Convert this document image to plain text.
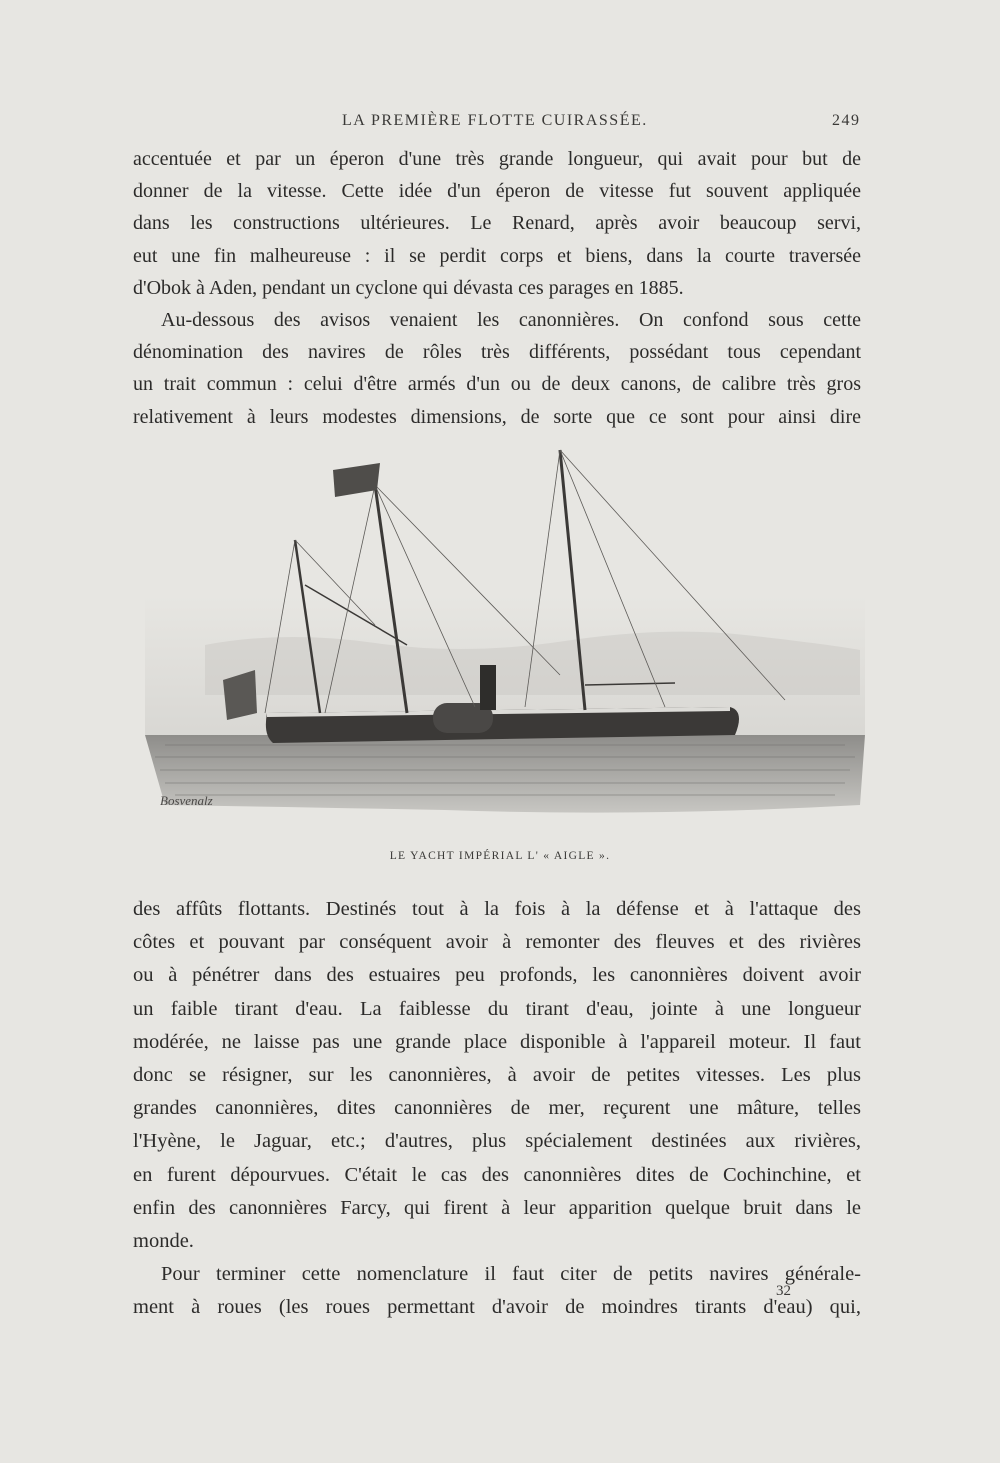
LA PREMIÈRE FLOTTE CUIRASSÉE.	249
accentuée et par un éperon d'une très grande longueur, qui avait pour but de
donner de la vitesse. Cette idée d'un éperon de vitesse fut souvent appliquée
dans les constructions ultérieures. Le Renard, après avoir beaucoup servi,
eut une fin malheureuse : il se perdit corps et biens, dans la courte traversée
d'Obok à Aden, pendant un cyclone qui dévasta ces parages en 1885.
Au-dessous des avisos venaient les canonnières. On confond sous cette
dénomination des navires de rôles très différents, possédant tous cependant
un trait commun : celui d'être armés d'un ou de deux canons, de calibre très gros
relativement à leurs modestes dimensions, de sorte que ce sont pour ainsi dire
Bosvenalz
LE YACHT IMPÉRIAL L' « AIGLE ».
des affûts flottants. Destinés tout à la fois à la défense et à l'attaque des
côtes et pouvant par conséquent avoir à remonter des fleuves et des rivières
ou à pénétrer dans des estuaires peu profonds, les canonnières doivent avoir
un faible tirant d'eau. La faiblesse du tirant d'eau, jointe à une longueur
modérée, ne laisse pas une grande place disponible à l'appareil moteur. Il faut
donc se résigner, sur les canonnières, à avoir de petites vitesses. Les plus
grandes canonnières, dites canonnières de mer, reçurent une mâture, telles
l'Hyène, le Jaguar, etc.; d'autres, plus spécialement destinées aux rivières,
en furent dépourvues. C'était le cas des canonnières dites de Cochinchine, et
enfin des canonnières Farcy, qui firent à leur apparition quelque bruit dans le
monde.
Pour terminer cette nomenclature il faut citer de petits navires générale-
ment à roues (les roues permettant d'avoir de moindres tirants d'eau) qui,
32
